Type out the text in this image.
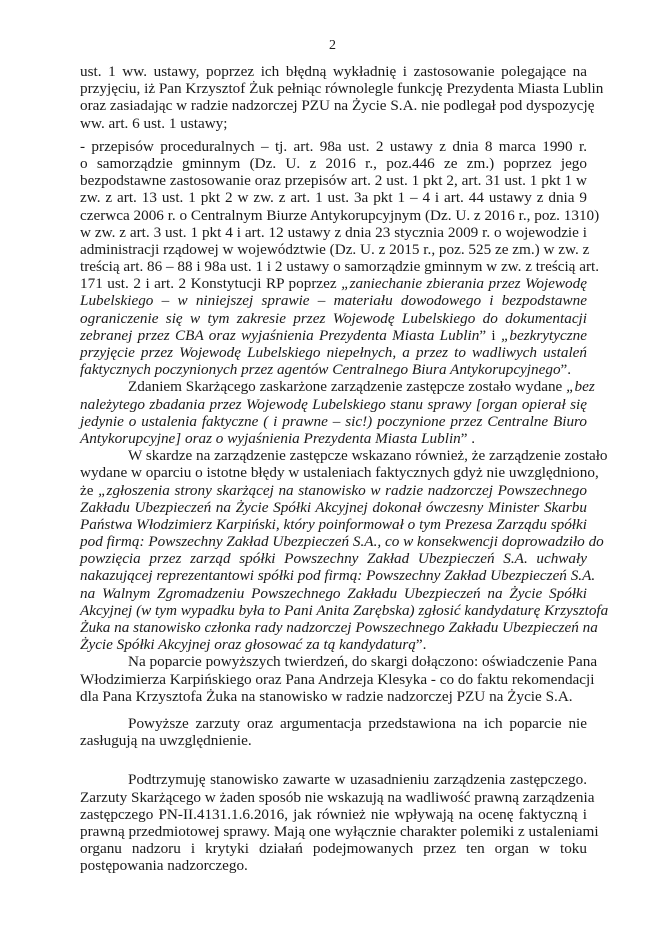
2
ust. 1 ww. ustawy, poprzez ich błędną wykładnię i zastosowanie polegające na
przyjęciu, iż Pan Krzysztof Żuk pełniąc równolegle funkcję Prezydenta Miasta Lublin
oraz zasiadając w radzie nadzorczej PZU na Życie S.A. nie podlegał pod dyspozycję
ww. art. 6 ust. 1 ustawy;
- przepisów proceduralnych – tj. art. 98a ust. 2 ustawy z dnia 8 marca 1990 r.
o samorządzie gminnym (Dz. U. z 2016 r., poz.446 ze zm.) poprzez jego
bezpodstawne zastosowanie oraz przepisów art. 2 ust. 1 pkt 2, art. 31 ust. 1 pkt 1 w
zw. z art. 13 ust. 1 pkt 2 w zw. z art. 1 ust. 3a pkt 1 – 4 i art. 44 ustawy z dnia 9
czerwca 2006 r. o Centralnym Biurze Antykorupcyjnym (Dz. U. z 2016 r., poz. 1310)
w zw. z art. 3 ust. 1 pkt 4 i art. 12 ustawy z dnia 23 stycznia 2009 r. o wojewodzie i
administracji rządowej w województwie (Dz. U. z 2015 r., poz. 525 ze zm.) w zw. z
treścią art. 86 – 88 i 98a ust. 1 i 2 ustawy o samorządzie gminnym w zw. z treścią art.
171 ust. 2 i art. 2 Konstytucji RP poprzez „zaniechanie zbierania przez Wojewodę
Lubelskiego – w niniejszej sprawie – materiału dowodowego i bezpodstawne
ograniczenie się w tym zakresie przez Wojewodę Lubelskiego do dokumentacji
zebranej przez CBA oraz wyjaśnienia Prezydenta Miasta Lublin” i „bezkrytyczne
przyjęcie przez Wojewodę Lubelskiego niepełnych, a przez to wadliwych ustaleń
faktycznych poczynionych przez agentów Centralnego Biura Antykorupcyjnego”.
Zdaniem Skarżącego zaskarżone zarządzenie zastępcze zostało wydane „bez
należytego zbadania przez Wojewodę Lubelskiego stanu sprawy [organ opierał się
jedynie o ustalenia faktyczne ( i prawne – sic!) poczynione przez Centralne Biuro
Antykorupcyjne] oraz o wyjaśnienia Prezydenta Miasta Lublin” .
W skardze na zarządzenie zastępcze wskazano również, że zarządzenie zostało
wydane w oparciu o istotne błędy w ustaleniach faktycznych gdyż nie uwzględniono,
że „zgłoszenia strony skarżącej na stanowisko w radzie nadzorczej Powszechnego
Zakładu Ubezpieczeń na Życie Spółki Akcyjnej dokonał ówczesny Minister Skarbu
Państwa Włodzimierz Karpiński, który poinformował o tym Prezesa Zarządu spółki
pod firmą: Powszechny Zakład Ubezpieczeń S.A., co w konsekwencji doprowadziło do
powzięcia przez zarząd spółki Powszechny Zakład Ubezpieczeń S.A. uchwały
nakazującej reprezentantowi spółki pod firmą: Powszechny Zakład Ubezpieczeń S.A.
na Walnym Zgromadzeniu Powszechnego Zakładu Ubezpieczeń na Życie Spółki
Akcyjnej (w tym wypadku była to Pani Anita Zarębska) zgłosić kandydaturę Krzysztofa
Żuka na stanowisko członka rady nadzorczej Powszechnego Zakładu Ubezpieczeń na
Życie Spółki Akcyjnej oraz głosować za tą kandydaturą”.
Na poparcie powyższych twierdzeń, do skargi dołączono: oświadczenie Pana
Włodzimierza Karpińskiego oraz Pana Andrzeja Klesyka - co do faktu rekomendacji
dla Pana Krzysztofa Żuka na stanowisko w radzie nadzorczej PZU na Życie S.A.
Powyższe zarzuty oraz argumentacja przedstawiona na ich poparcie nie
zasługują na uwzględnienie.
Podtrzymuję stanowisko zawarte w uzasadnieniu zarządzenia zastępczego.
Zarzuty Skarżącego w żaden sposób nie wskazują na wadliwość prawną zarządzenia
zastępczego PN-II.4131.1.6.2016, jak również nie wpływają na ocenę faktyczną i
prawną przedmiotowej sprawy. Mają one wyłącznie charakter polemiki z ustaleniami
organu nadzoru i krytyki działań podejmowanych przez ten organ w toku
postępowania nadzorczego.
